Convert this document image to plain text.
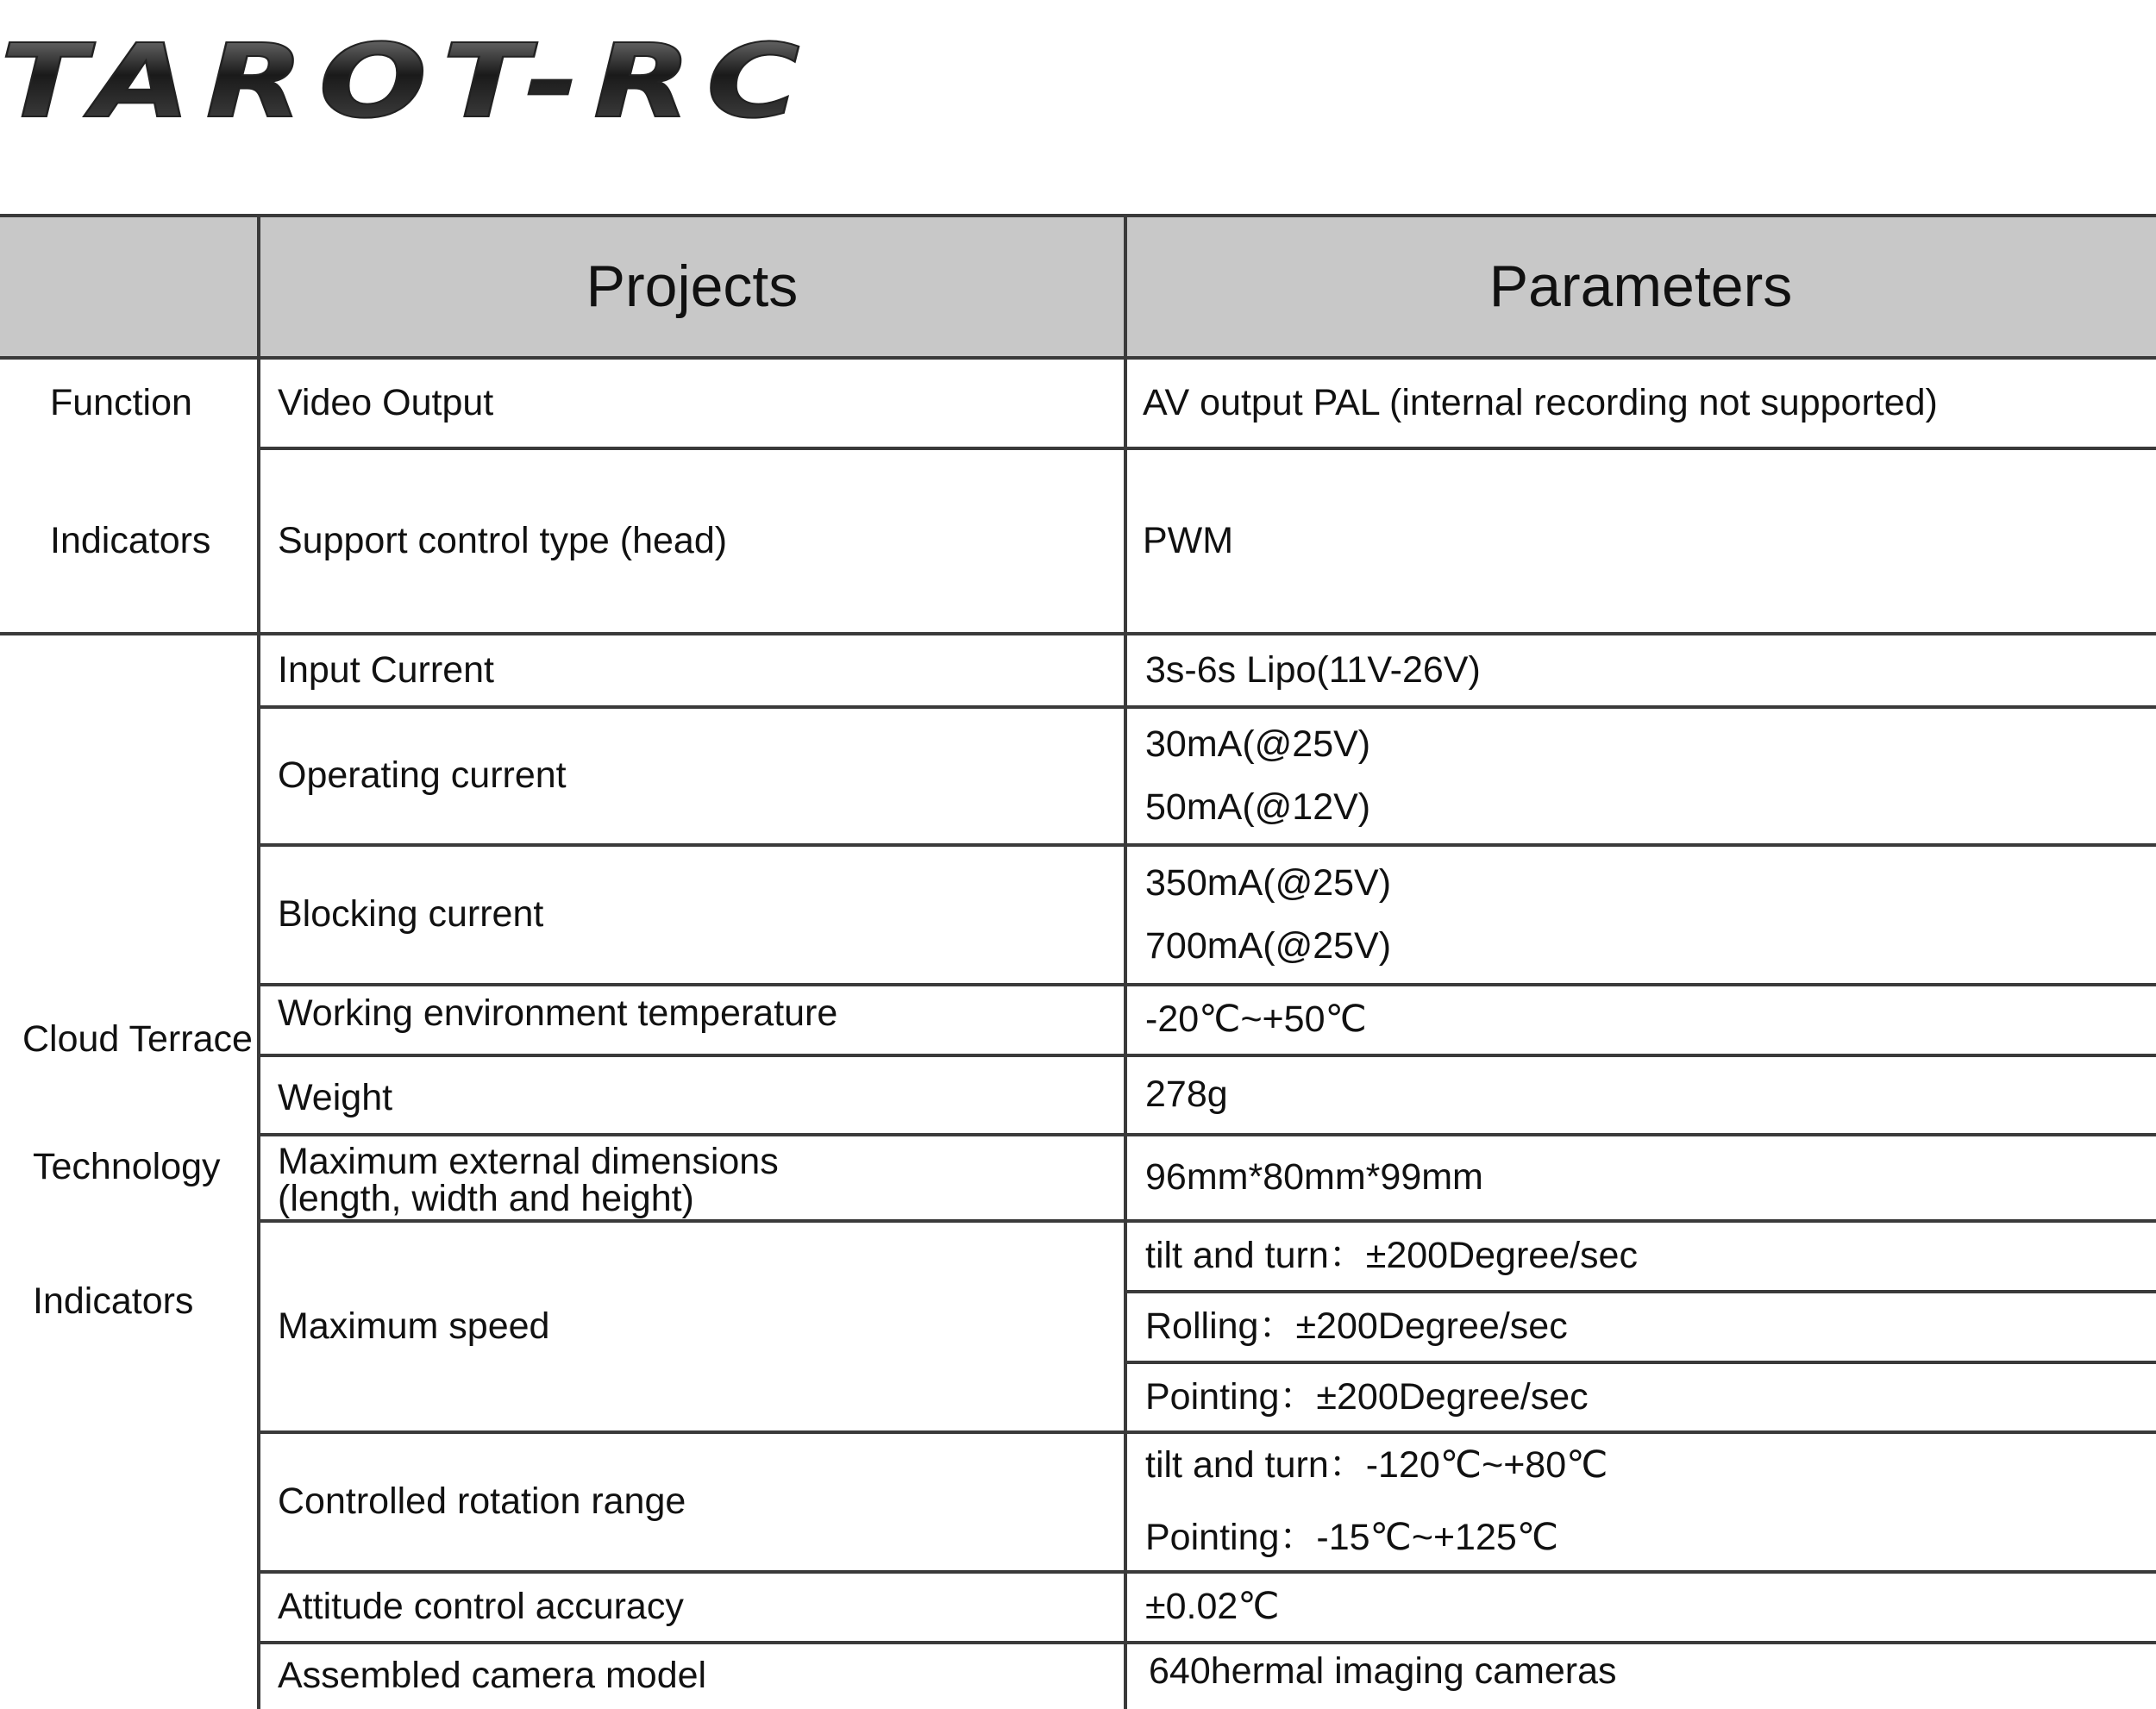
TAROT-RC
Projects	Parameters
Function
Indicators
Cloud Terrace
Technology
Indicators
Video Output
Support control type (head)
Input Current
Operating current
Blocking current
Working environment temperature
Weight
Maximum external dimensions
(length, width and height)
Maximum speed
Controlled rotation range
Attitude control accuracy
Assembled camera model
AV output PAL (internal recording not supported)
PWM
3s-6s Lipo(11V-26V)
30mA(@25V)
50mA(@12V)
350mA(@25V)
700mA(@25V)
-20℃~+50℃
278g
96mm*80mm*99mm
tilt and turn：±200Degree/sec
Rolling：±200Degree/sec
Pointing：±200Degree/sec
tilt and turn：-120℃~+80℃
Pointing：-15℃~+125℃
±0.02℃
640hermal imaging cameras
